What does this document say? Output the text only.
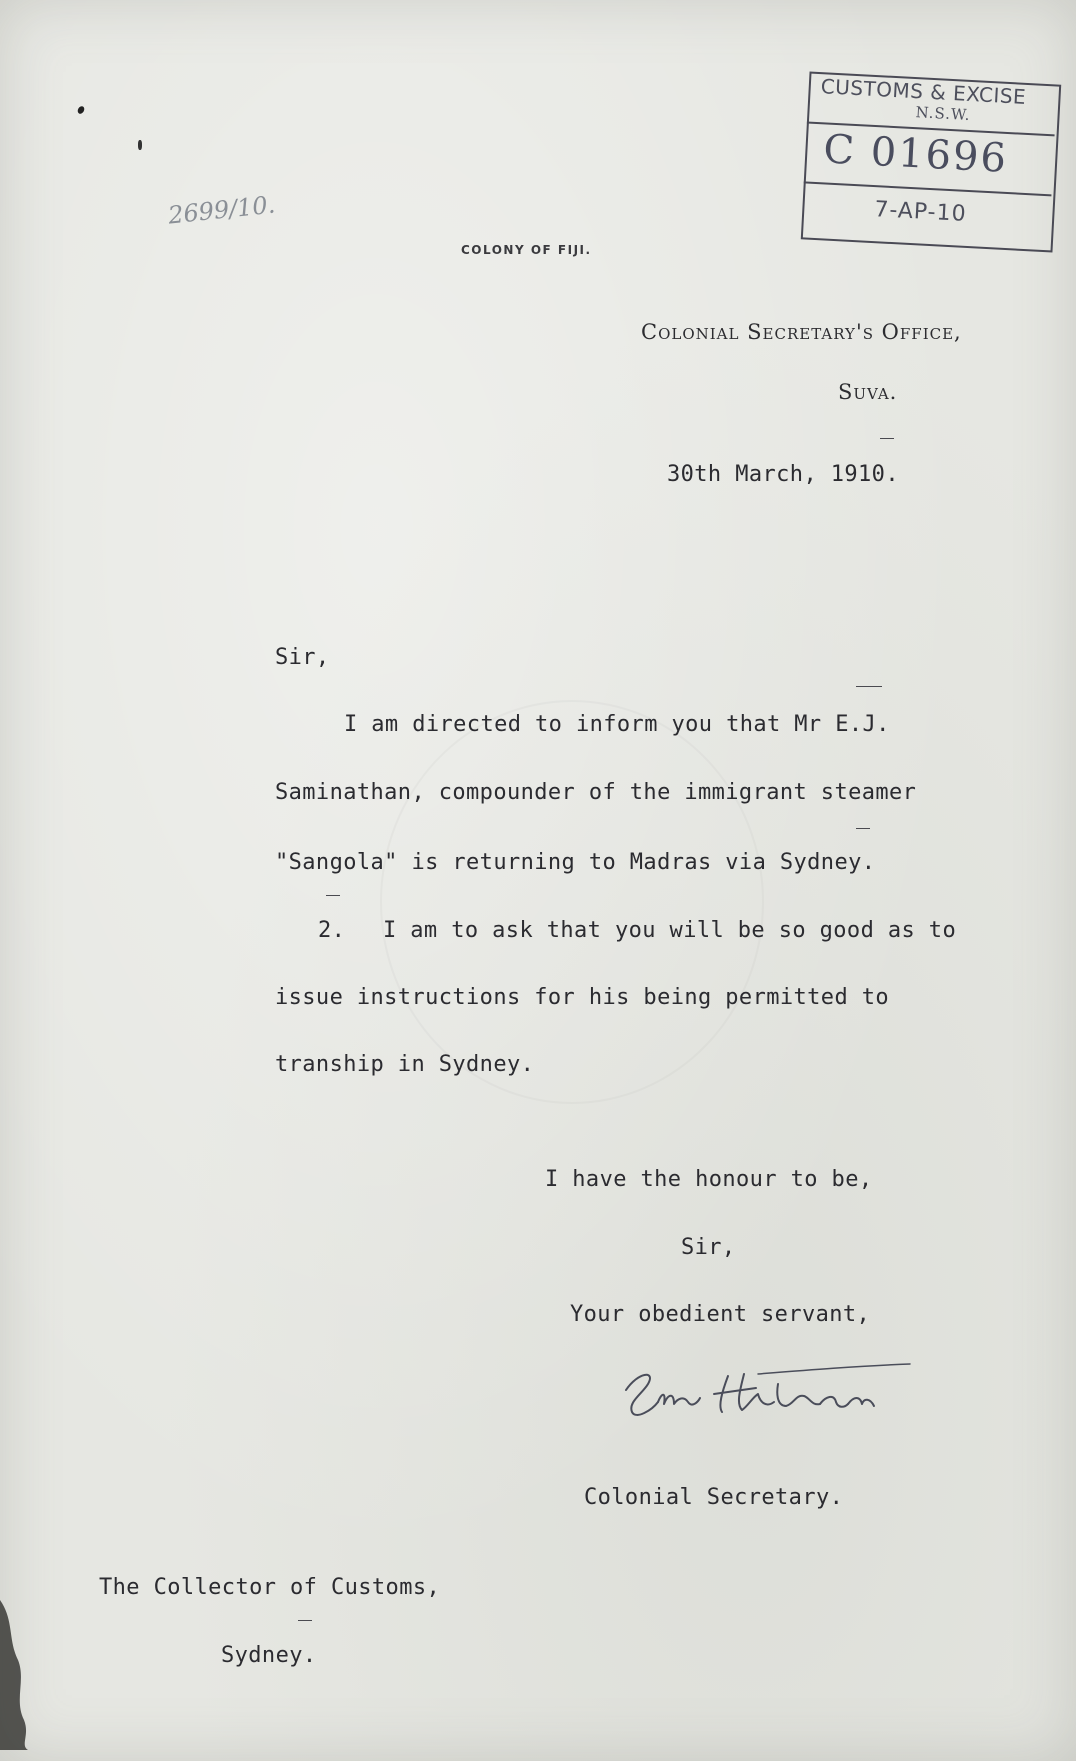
2699/10.
CUSTOMS & EXCISE
N.S.W.
C 01696
7-AP-10
COLONY OF FIJI.
Colonial Secretary's Office,
Suva.
30th March, 1910.
Sir,
I am directed to inform you that Mr E.J.
Saminathan, compounder of the immigrant steamer
"Sangola" is returning to Madras via Sydney.
2. I am to ask that you will be so good as to
issue instructions for his being permitted to
tranship in Sydney.
I have the honour to be,
Sir,
Your obedient servant,
Colonial Secretary.
The Collector of Customs,
Sydney.
